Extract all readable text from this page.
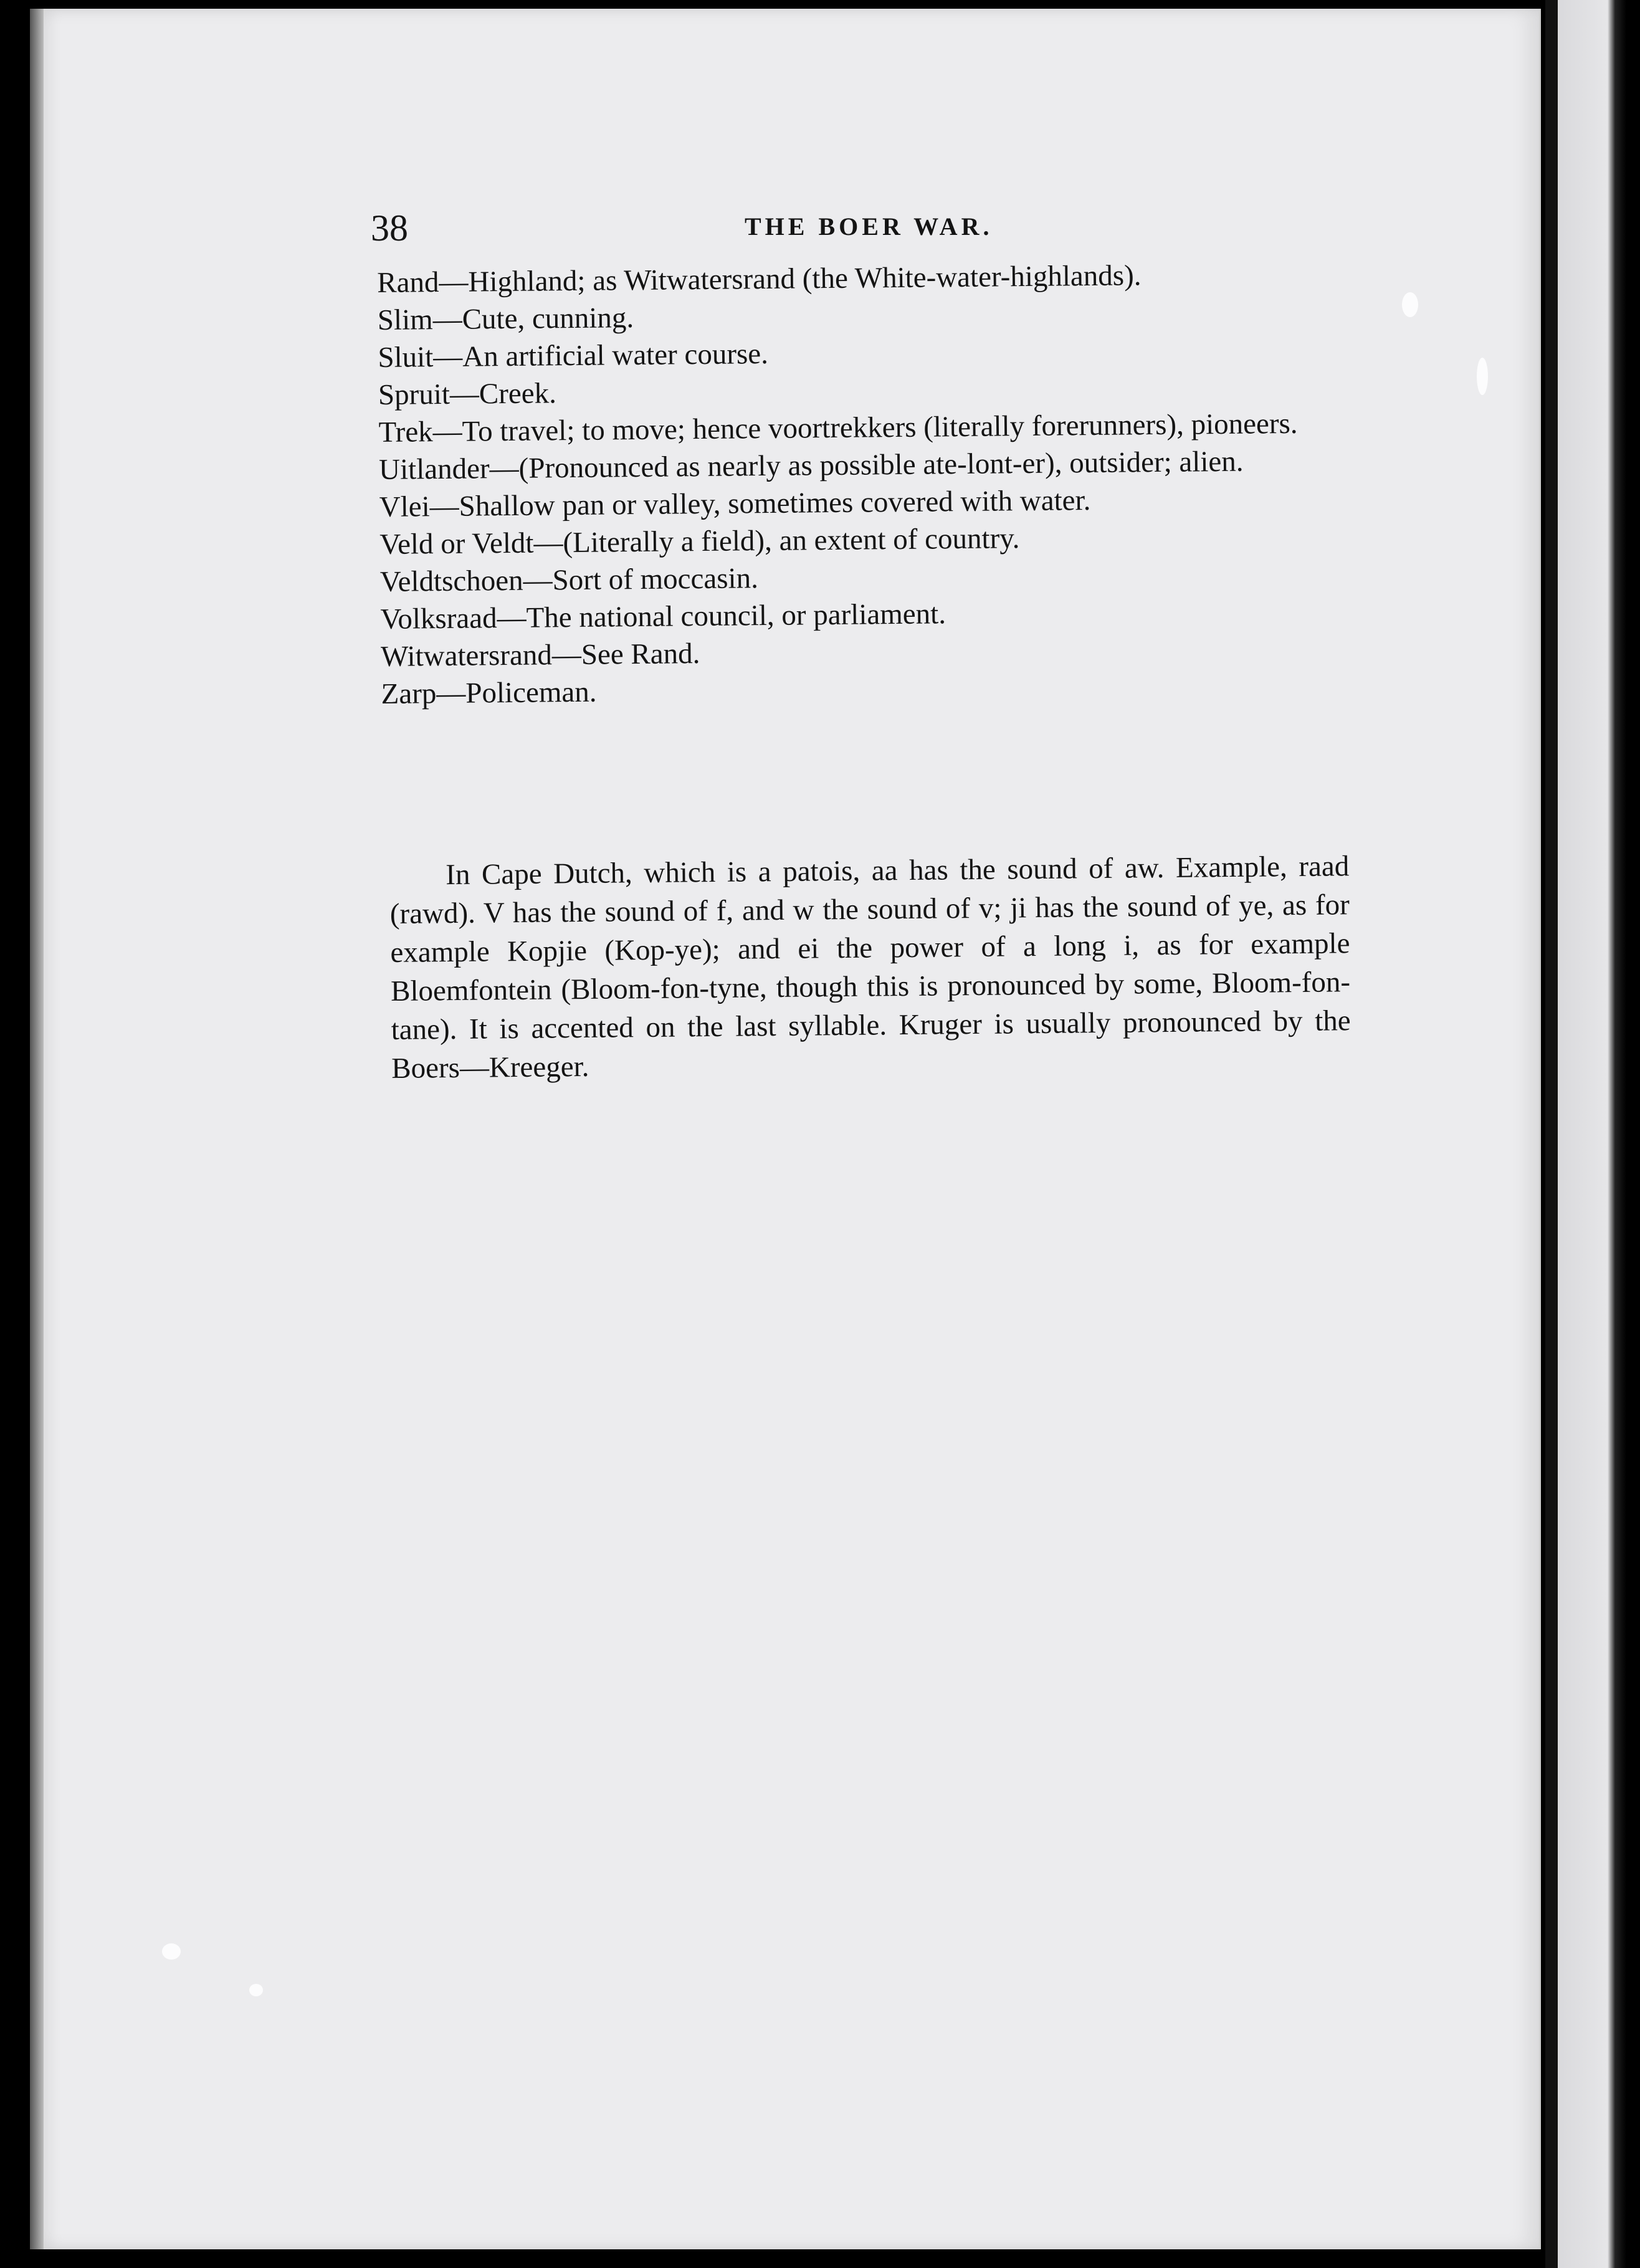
38	THE BOER WAR.
Rand—Highland; as Witwatersrand (the White-water-highlands).
Slim—Cute, cunning.
Sluit—An artificial water course.
Spruit—Creek.
Trek—To travel; to move; hence voortrekkers (literally forerunners), pioneers.
Uitlander—(Pronounced as nearly as possible ate-lont-er), outsider; alien.
Vlei—Shallow pan or valley, sometimes covered with water.
Veld or Veldt—(Literally a field), an extent of country.
Veldtschoen—Sort of moccasin.
Volksraad—The national council, or parliament.
Witwatersrand—See Rand.
Zarp—Policeman.

In Cape Dutch, which is a patois, aa has the sound of aw. Example, raad (rawd). V has the sound of f, and w the sound of v; ji has the sound of ye, as for example Kopjie (Kop-ye); and ei the power of a long i, as for example Bloemfontein (Bloom-fon-tyne, though this is pronounced by some, Bloom-fon-tane). It is accented on the last syllable. Kruger is usually pronounced by the Boers—Kreeger.
